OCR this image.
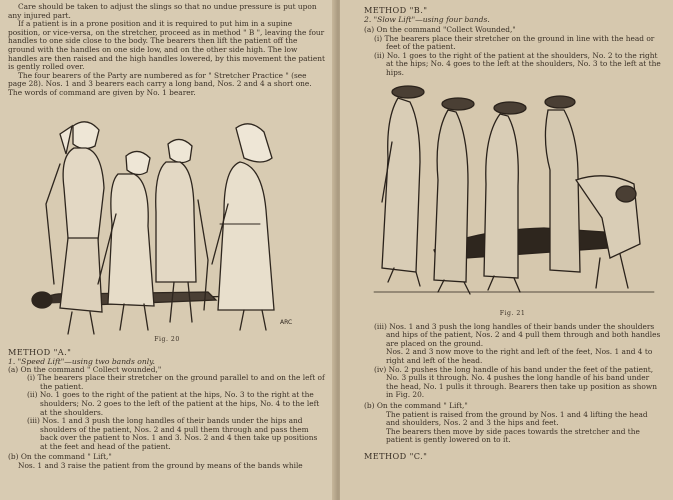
Care should be taken to adjust the slings so that no undue pressure is put upon any injured part.

If a patient is in a prone position and it is required to put him in a supine position, or vice-versa, on the stretcher, proceed as in method " B ", leaving the four handles to one side close to the body. The bearers then lift the patient off the ground with the handles on one side low, and on the other side high. The low handles are then raised and the high handles lowered, by this movement the patient is gently rolled over.

The four bearers of the Party are numbered as for " Stretcher Practice " (see page 28). Nos. 1 and 3 bearers each carry a long band, Nos. 2 and 4 a short one. The words of command are given by No. 1 bearer.

ARC
Fig. 20
METHOD "A."
1. "Speed Lift"—using two bands only.

(a) On the command " Collect wounded,"

(i) The bearers place their stretcher on the ground parallel to and on the left of the patient.

(ii) No. 1 goes to the right of the patient at the hips, No. 3 to the right at the shoulders; No. 2 goes to the left of the patient at the hips, No. 4 to the left at the shoulders.

(iii) Nos. 1 and 3 push the long handles of their bands under the hips and shoulders of the patient, Nos. 2 and 4 pull them through and pass them back over the patient to Nos. 1 and 3. Nos. 2 and 4 then take up positions at the feet and head of the patient.

(b) On the command " Lift,"

Nos. 1 and 3 raise the patient from the ground by means of the bands while

METHOD "B."
2. "Slow Lift"—using four bands.

(a) On the command "Collect Wounded,"

(i) The bearers place their stretcher on the ground in line with the head or feet of the patient.

(ii) No. 1 goes to the right of the patient at the shoulders, No. 2 to the right at the hips; No. 4 goes to the left at the shoulders, No. 3 to the left at the hips.

Fig. 21

(iii) Nos. 1 and 3 push the long handles of their bands under the shoulders and hips of the patient, Nos. 2 and 4 pull them through and both handles are placed on the ground.

Nos. 2 and 3 now move to the right and left of the feet, Nos. 1 and 4 to right and left of the head.

(iv) No. 2 pushes the long handle of his band under the feet of the patient, No. 3 pulls it through. No. 4 pushes the long handle of his band under the head, No. 1 pulls it through. Bearers then take up position as shown in Fig. 20.

(b) On the command " Lift,"

The patient is raised from the ground by Nos. 1 and 4 lifting the head and shoulders, Nos. 2 and 3 the hips and feet.

The bearers then move by side paces towards the stretcher and the patient is gently lowered on to it.

METHOD "C."
